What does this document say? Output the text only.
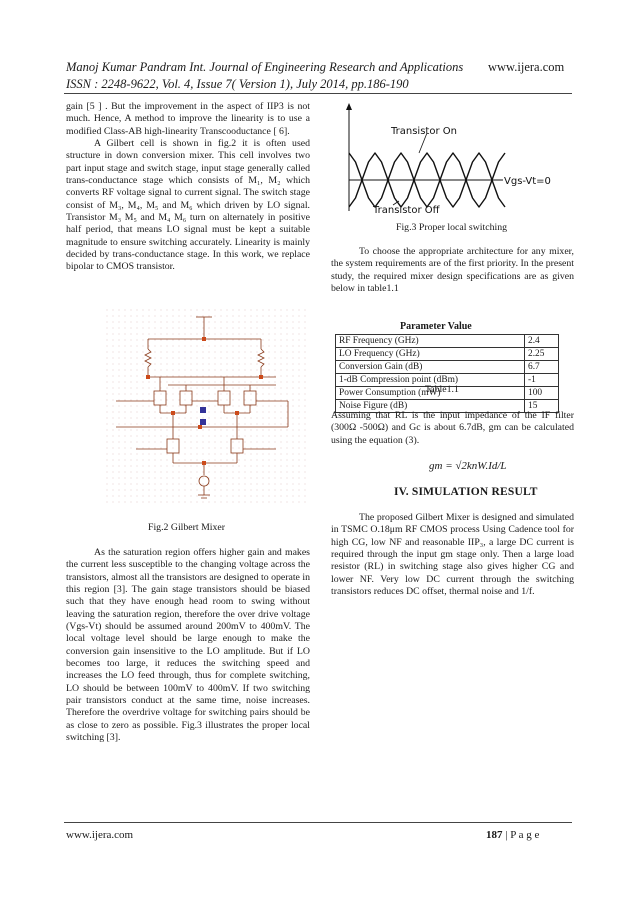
Manoj Kumar Pandram Int. Journal of Engineering Research and Applications
ISSN : 2248-9622, Vol. 4, Issue 7( Version 1), July 2014, pp.186-190
www.ijera.com

gain [5 ] . But the improvement in the aspect of IIP3 is not much. Hence, A method to improve the linearity is to use a modified Class-AB high-linearity Transcooductance [ 6].

A Gilbert cell is shown in fig.2 it is often used structure in down conversion mixer. This cell involves two part input stage and switch stage, input stage generally called trans-conductance stage which consists of M₁, M₂ which converts RF voltage signal to current signal. The switch stage consist of M₃, M₄, M₅ and M₆ which driven by LO signal. Transistor M₃ M₅ and M₄ M₆ turn on alternately in positive half period, that means LO signal must be kept a suitable magnitude to ensure switching accurately. Linearity is mainly decided by trans-conductance stage. In this work, we replace bipolar to CMOS transistor.

Fig.2 Gilbert Mixer

As the saturation region offers higher gain and makes the current less susceptible to the changing voltage across the transistors, almost all the transistors are designed to operate in this region [3]. The gain stage transistors should be biased such that they have enough head room to swing without leaving the saturation region, therefore the over drive voltage (Vgs-Vt) should be assumed around 200mV to 400mV. The local voltage level should be large enough to make the conversion gain insensitive to the LO amplitude. But if LO becomes too large, it reduces the switching speed and increases the LO feed through, thus for complete switching, LO should be between 100mV to 400mV. If two switching pair transistors conduct at the same time, noise increases. Therefore the overdrive voltage for switching pairs should be as close to zero as possible. Fig.3 illustrates the proper local switching [3].

Transistor On
Transistor Off
Vgs-Vt=0
Fig.3 Proper local switching

To choose the appropriate architecture for any mixer, the system requirements are of the first priority. In the present study, the required mixer design specifications are as given below in table1.1

Parameter Value
RF Frequency (GHz)	2.4
LO Frequency (GHz)	2.25
Conversion Gain (dB)	6.7
1-dB Compression point (dBm)	-1
Power Consumption (mW)	100
Noise Figure (dB)	15
Table1.1

Assuming that RL is the input impedance of the IF filter (300Ω -500Ω) and Gc is about 6.7dB, gm can be calculated using the equation (3).

gm = √2knW.Id/L
IV. SIMULATION RESULT

The proposed Gilbert Mixer is designed and simulated in TSMC O.18μm RF CMOS process Using Cadence tool for high CG, low NF and reasonable IIP₃, a large DC current is required through the input gm stage only. Then a large load resistor (RL) in switching stage also gives higher CG and lower NF. Very low DC current through the switching transistors reduces DC offset, thermal noise and 1/f.

www.ijera.com	187 | P a g e
